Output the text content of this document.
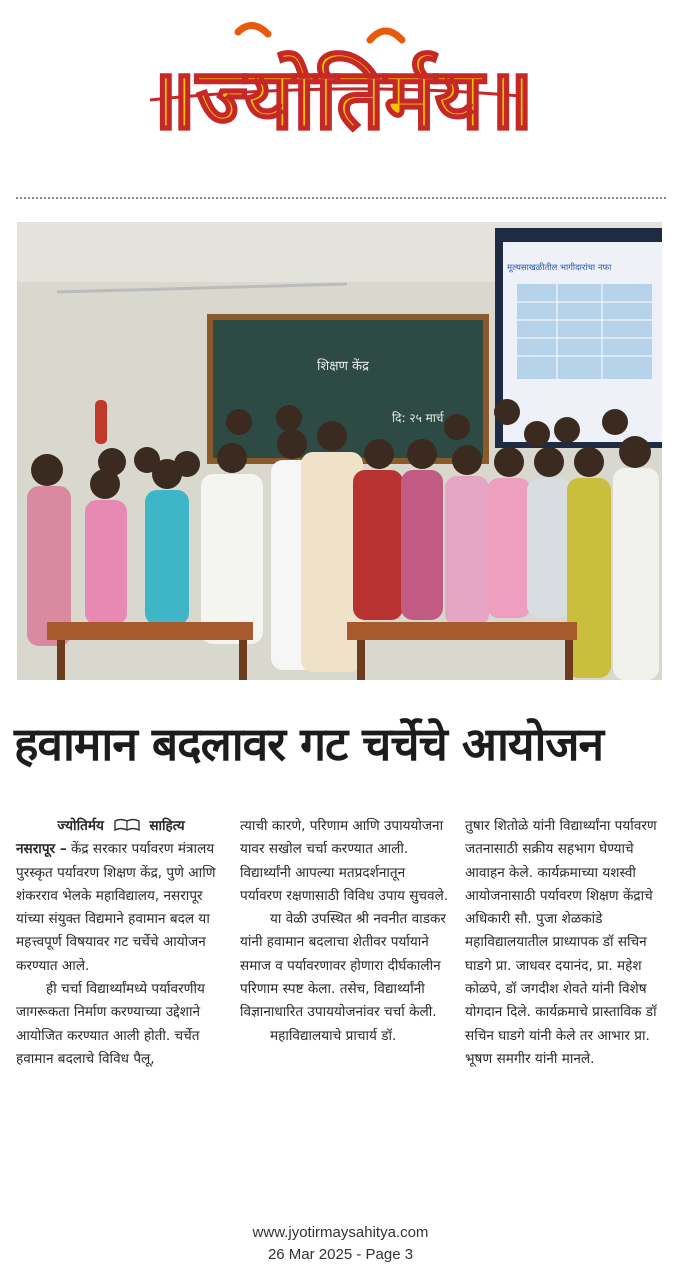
॥ज्योतिर्मय॥
शिक्षण केंद्र
दि: २५ मार्च
मूल्यसाखळीतील भागीदारांचा नफा
हवामान बदलावर गट चर्चेचे आयोजन

ज्योतिर्मय	साहित्य

नसरापूर – केंद्र सरकार पर्यावरण मंत्रालय पुरस्कृत पर्यावरण शिक्षण केंद्र, पुणे आणि शंकरराव भेलके महाविद्यालय, नसरापूर यांच्या संयुक्त विद्यमाने हवामान बदल या महत्त्वपूर्ण विषयावर गट चर्चेचे आयोजन करण्यात आले.

ही चर्चा विद्यार्थ्यांमध्ये पर्यावरणीय जागरूकता निर्माण करण्याच्या उद्देशाने आयोजित करण्यात आली होती. चर्चेत हवामान बदलाचे विविध पैलू,

त्याची कारणे, परिणाम आणि उपाययोजना यावर सखोल चर्चा करण्यात आली. विद्यार्थ्यांनी आपल्या मतप्रदर्शनातून पर्यावरण रक्षणासाठी विविध उपाय सुचवले.

या वेळी उपस्थित श्री नवनीत वाडकर यांनी हवामान बदलाचा शेतीवर पर्यायाने समाज व पर्यावरणावर होणारा दीर्घकालीन परिणाम स्पष्ट केला. तसेच, विद्यार्थ्यांनी विज्ञानाधारित उपाययोजनांवर चर्चा केली.

महाविद्यालयाचे प्राचार्य डॉ.

तुषार शितोळे यांनी विद्यार्थ्यांना पर्यावरण जतनासाठी सक्रीय सहभाग घेण्याचे आवाहन केले. कार्यक्रमाच्या यशस्वी आयोजनासाठी पर्यावरण शिक्षण केंद्राचे अधिकारी सौ. पुजा शेळकांडे महाविद्यालयातील प्राध्यापक डॉ सचिन घाडगे प्रा. जाधवर दयानंद, प्रा. महेश कोळपे, डॉ जगदीश शेवते यांनी विशेष योगदान दिले. कार्यक्रमाचे प्रास्ताविक डॉ सचिन घाडगे यांनी केले तर आभार प्रा. भूषण समगीर यांनी मानले.

www.jyotirmaysahitya.com
26 Mar 2025 - Page 3
